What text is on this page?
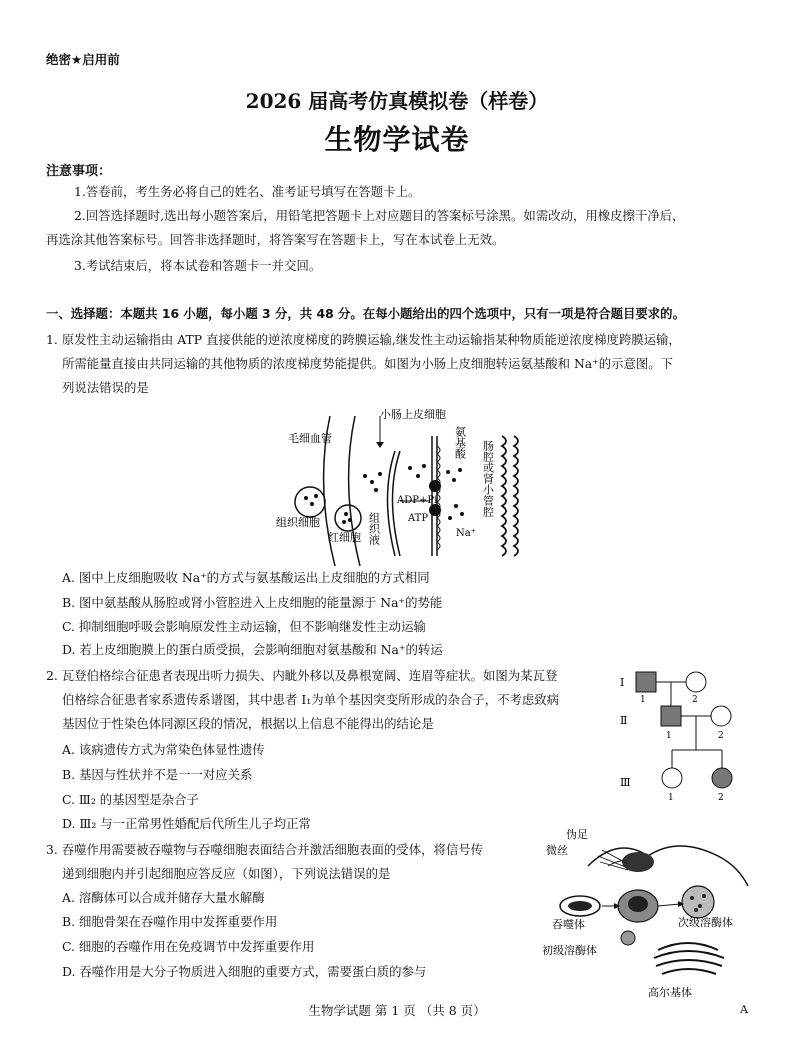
绝密★启用前
2026 届高考仿真模拟卷（样卷）
生物学试卷
注意事项：
1.答卷前，考生务必将自己的姓名、准考证号填写在答题卡上。
2.回答选择题时,选出每小题答案后，用铅笔把答题卡上对应题目的答案标号涂黑。如需改动，用橡皮擦干净后，
再选涂其他答案标号。回答非选择题时，将答案写在答题卡上，写在本试卷上无效。
3.考试结束后，将本试卷和答题卡一并交回。
一、选择题：本题共 16 小题，每小题 3 分，共 48 分。在每小题给出的四个选项中，只有一项是符合题目要求的。
1. 原发性主动运输指由 ATP 直接供能的逆浓度梯度的跨膜运输,继发性主动运输指某种物质能逆浓度梯度跨膜运输，
所需能量直接由共同运输的其他物质的浓度梯度势能提供。如图为小肠上皮细胞转运氨基酸和 Na⁺的示意图。下
列说法错误的是
小肠上皮细胞
毛细血管
组织细胞
红细胞 组织液
ADP+Pi
ATP
Na⁺
氨基酸 肠腔或肾小管腔
A. 图中上皮细胞吸收 Na⁺的方式与氨基酸运出上皮细胞的方式相同
B. 图中氨基酸从肠腔或肾小管腔进入上皮细胞的能量源于 Na⁺的势能
C. 抑制细胞呼吸会影响原发性主动运输，但不影响继发性主动运输
D. 若上皮细胞膜上的蛋白质受损，会影响细胞对氨基酸和 Na⁺的转运
2. 瓦登伯格综合征患者表现出听力损失、内眦外移以及鼻根宽阔、连眉等症状。如图为某瓦登
伯格综合征患者家系遗传系谱图，其中患者 Ⅰ₁为单个基因突变所形成的杂合子，不考虑致病
基因位于性染色体同源区段的情况，根据以上信息不能得出的结论是
A. 该病遗传方式为常染色体显性遗传
B. 基因与性状并不是一一对应关系
C. Ⅲ₂ 的基因型是杂合子
D. Ⅲ₂ 与一正常男性婚配后代所生儿子均正常
Ⅰ
Ⅱ
Ⅲ
1	2
1	2
1	2
3. 吞噬作用需要被吞噬物与吞噬细胞表面结合并激活细胞表面的受体，将信号传
递到细胞内并引起细胞应答反应（如图），下列说法错误的是
A. 溶酶体可以合成并储存大量水解酶
B. 细胞骨架在吞噬作用中发挥重要作用
C. 细胞的吞噬作用在免疫调节中发挥重要作用
D. 吞噬作用是大分子物质进入细胞的重要方式，需要蛋白质的参与
伪足
微丝
吞噬体	次级溶酶体
初级溶酶体
高尔基体
生物学试题 第 1 页 （共 8 页）	A
